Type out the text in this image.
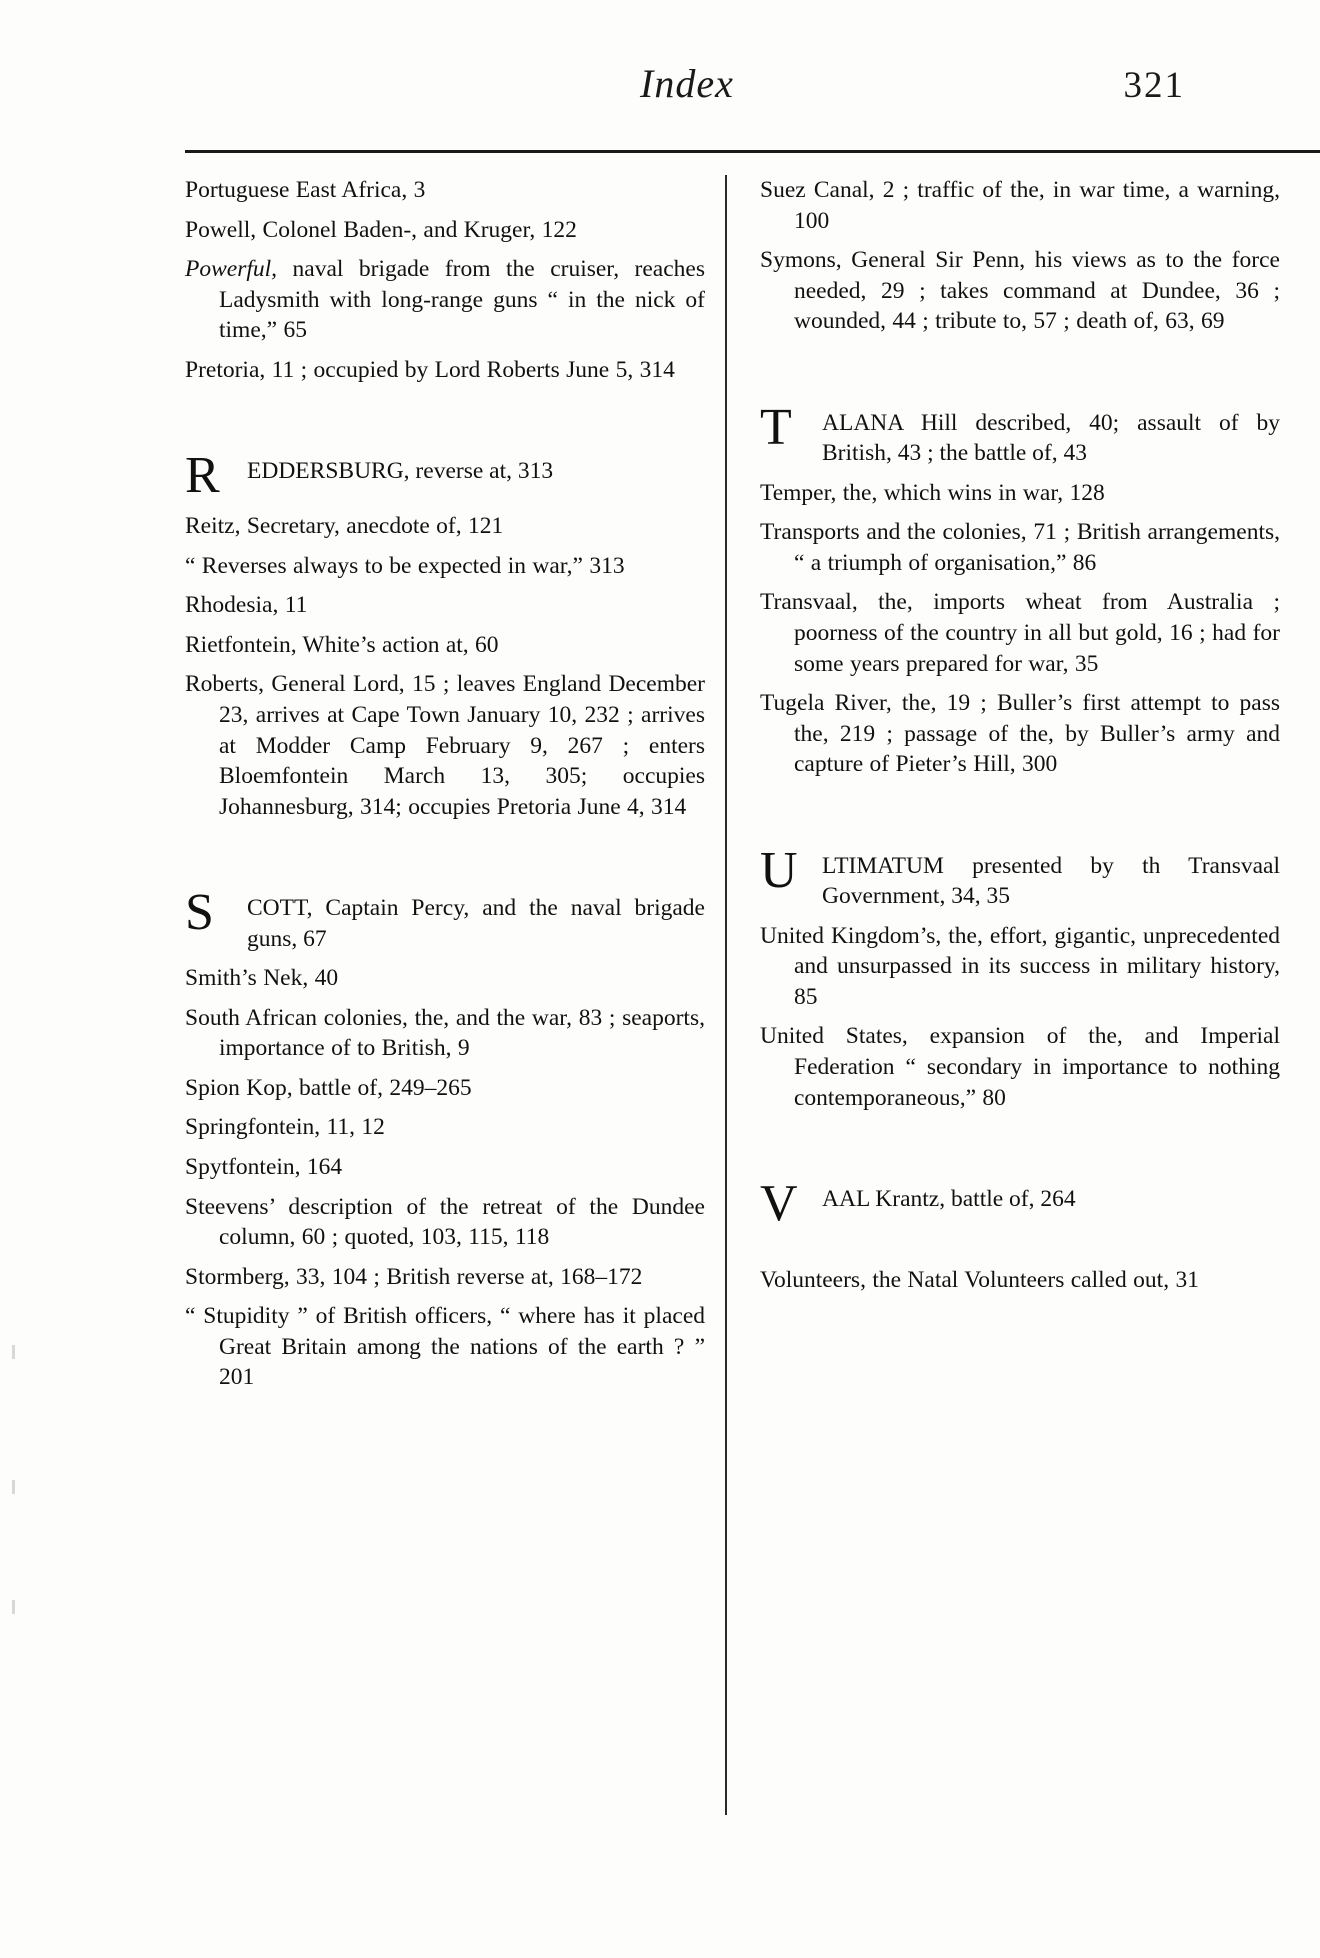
Index	321
Portuguese East Africa, 3
Powell, Colonel Baden-, and Kruger, 122
Powerful, naval brigade from the cruiser, reaches Ladysmith with long-range guns “ in the nick of time,” 65
Pretoria, 11 ; occupied by Lord Roberts June 5, 314
R EDDERSBURG, reverse at, 313
Reitz, Secretary, anecdote of, 121
“ Reverses always to be expected in war,” 313
Rhodesia, 11
Rietfontein, White’s action at, 60
Roberts, General Lord, 15 ; leaves England December 23, arrives at Cape Town January 10, 232 ; arrives at Modder Camp February 9, 267 ; enters Bloemfontein March 13, 305; occupies Johannesburg, 314; occupies Pretoria June 4, 314
S COTT, Captain Percy, and the naval brigade guns, 67
Smith’s Nek, 40
South African colonies, the, and the war, 83 ; seaports, importance of to British, 9
Spion Kop, battle of, 249–265
Springfontein, 11, 12
Spytfontein, 164
Steevens’ description of the retreat of the Dundee column, 60 ; quoted, 103, 115, 118
Stormberg, 33, 104 ; British reverse at, 168–172
“ Stupidity ” of British officers, “ where has it placed Great Britain among the nations of the earth ? ” 201
Suez Canal, 2 ; traffic of the, in war time, a warning, 100
Symons, General Sir Penn, his views as to the force needed, 29 ; takes command at Dundee, 36 ; wounded, 44 ; tribute to, 57 ; death of, 63, 69
T ALANA Hill described, 40; assault of by British, 43 ; the battle of, 43
Temper, the, which wins in war, 128
Transports and the colonies, 71 ; British arrangements, “ a triumph of organisation,” 86
Transvaal, the, imports wheat from Australia ; poorness of the country in all but gold, 16 ; had for some years prepared for war, 35
Tugela River, the, 19 ; Buller’s first attempt to pass the, 219 ; passage of the, by Buller’s army and capture of Pieter’s Hill, 300
U LTIMATUM presented by th Transvaal Government, 34, 35
United Kingdom’s, the, effort, gigantic, unprecedented and unsurpassed in its success in military history, 85
United States, expansion of the, and Imperial Federation “ secondary in importance to nothing contemporaneous,” 80
V AAL Krantz, battle of, 264
Volunteers, the Natal Volunteers called out, 31
